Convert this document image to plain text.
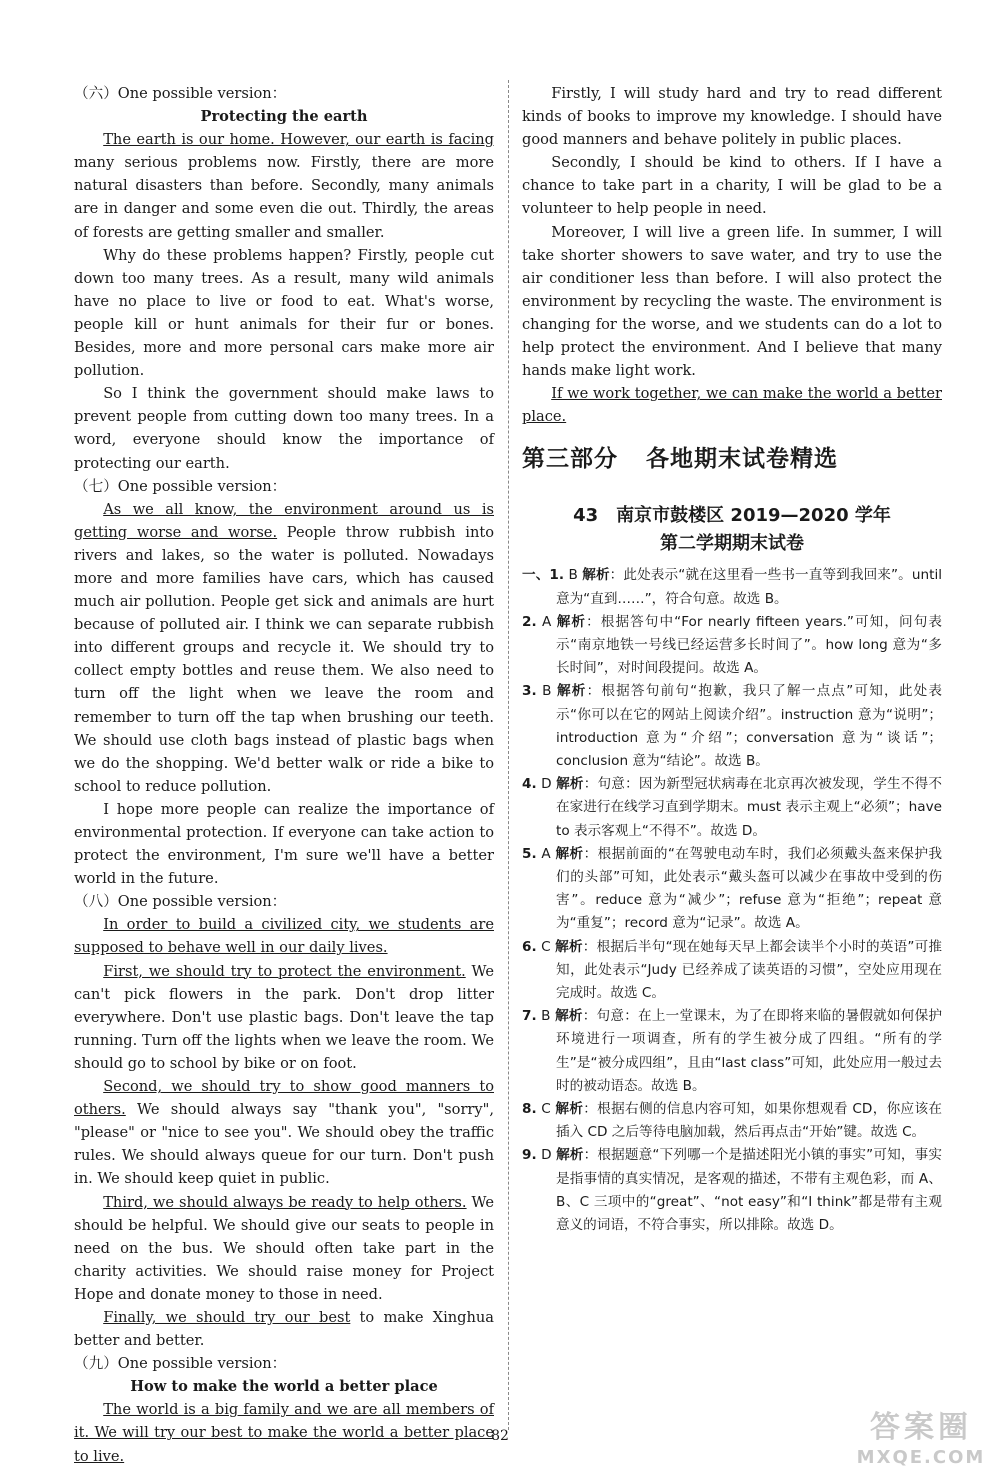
（六）One possible version：

Protecting the earth

The earth is our home. However, our earth is facing many serious problems now. Firstly, there are more natural disasters than before. Secondly, many animals are in danger and some even die out. Thirdly, the areas of forests are getting smaller and smaller.

Why do these problems happen? Firstly, people cut down too many trees. As a result, many wild animals have no place to live or food to eat. What's worse, people kill or hunt animals for their fur or bones. Besides, more and more personal cars make more air pollution.

So I think the government should make laws to prevent people from cutting down too many trees. In a word, everyone should know the importance of protecting our earth.

（七）One possible version：

As we all know, the environment around us is getting worse and worse. People throw rubbish into rivers and lakes, so the water is polluted. Nowadays more and more families have cars, which has caused much air pollution. People get sick and animals are hurt because of polluted air. I think we can separate rubbish into different groups and recycle it. We should try to collect empty bottles and reuse them. We also need to turn off the light when we leave the room and remember to turn off the tap when brushing our teeth. We should use cloth bags instead of plastic bags when we do the shopping. We'd better walk or ride a bike to school to reduce pollution.

I hope more people can realize the importance of environmental protection. If everyone can take action to protect the environment, I'm sure we'll have a better world in the future.

（八）One possible version：

In order to build a civilized city, we students are supposed to behave well in our daily lives.

First, we should try to protect the environment. We can't pick flowers in the park. Don't drop litter everywhere. Don't use plastic bags. Don't leave the tap running. Turn off the lights when we leave the room. We should go to school by bike or on foot.

Second, we should try to show good manners to others. We should always say "thank you", "sorry", "please" or "nice to see you". We should obey the traffic rules. We should always queue for our turn. Don't push in. We should keep quiet in public.

Third, we should always be ready to help others. We should be helpful. We should give our seats to people in need on the bus. We should often take part in the charity activities. We should raise money for Project Hope and donate money to those in need.

Finally, we should try our best to make Xinghua better and better.

（九）One possible version：

How to make the world a better place

The world is a big family and we are all members of it. We will try our best to make the world a better place to live.

Firstly, I will study hard and try to read different kinds of books to improve my knowledge. I should have good manners and behave politely in public places.

Secondly, I should be kind to others. If I have a chance to take part in a charity, I will be glad to be a volunteer to help people in need.

Moreover, I will live a green life. In summer, I will take shorter showers to save water, and try to use the air conditioner less than before. I will also protect the environment by recycling the waste. The environment is changing for the worse, and we students can do a lot to help protect the environment. And I believe that many hands make light work.

If we work together, we can make the world a better place.

第三部分 各地期末试卷精选

43 南京市鼓楼区 2019—2020 学年

第二学期期末试卷

一、1. B 解析：此处表示“就在这里看一些书一直等到我回来”。until 意为“直到……”，符合句意。故选 B。

2. A 解析：根据答句中“For nearly fifteen years.”可知，问句表示“南京地铁一号线已经运营多长时间了”。how long 意为“多长时间”，对时间段提问。故选 A。

3. B 解析：根据答句前句“抱歉，我只了解一点点”可知，此处表示“你可以在它的网站上阅读介绍”。instruction 意为“说明”；introduction 意为“介绍”；conversation 意为“谈话”；conclusion 意为“结论”。故选 B。

4. D 解析：句意：因为新型冠状病毒在北京再次被发现，学生不得不在家进行在线学习直到学期末。must 表示主观上“必须”；have to 表示客观上“不得不”。故选 D。

5. A 解析：根据前面的“在驾驶电动车时，我们必须戴头盔来保护我们的头部”可知，此处表示“戴头盔可以减少在事故中受到的伤害”。reduce 意为“减少”；refuse 意为“拒绝”；repeat 意为“重复”；record 意为“记录”。故选 A。

6. C 解析：根据后半句“现在她每天早上都会读半个小时的英语”可推知，此处表示“Judy 已经养成了读英语的习惯”，空处应用现在完成时。故选 C。

7. B 解析：句意：在上一堂课末，为了在即将来临的暑假就如何保护环境进行一项调查，所有的学生被分成了四组。“所有的学生”是“被分成四组”，且由“last class”可知，此处应用一般过去时的被动语态。故选 B。

8. C 解析：根据右侧的信息内容可知，如果你想观看 CD，你应该在插入 CD 之后等待电脑加载，然后再点击“开始”键。故选 C。

9. D 解析：根据题意“下列哪一个是描述阳光小镇的事实”可知，事实是指事情的真实情况，是客观的描述，不带有主观色彩，而 A、B、C 三项中的“great”、“not easy”和“I think”都是带有主观意义的词语，不符合事实，所以排除。故选 D。

82	答案圈
MXQE.COM
